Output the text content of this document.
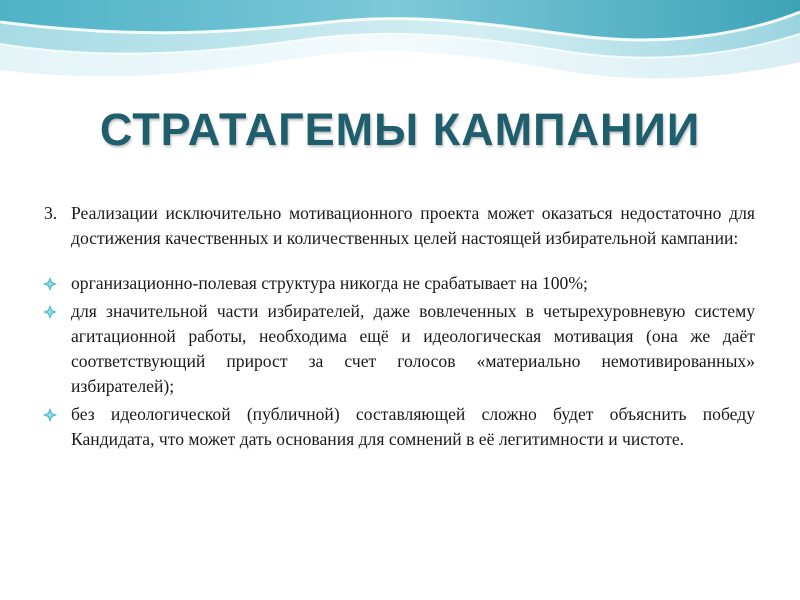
СТРАТАГЕМЫ КАМПАНИИ

3. Реализации исключительно мотивационного проекта может оказаться недостаточно для достижения качественных и количественных целей настоящей избирательной кампании:

организационно-полевая структура никогда не срабатывает на 100%;
для значительной части избирателей, даже вовлеченных в четырехуровневую систему агитационной работы, необходима ещё и идеологическая мотивация (она же даёт соответствующий прирост за счет голосов «материально немотивированных» избирателей);
без идеологической (публичной) составляющей сложно будет объяснить победу Кандидата, что может дать основания для сомнений в её легитимности и чистоте.
